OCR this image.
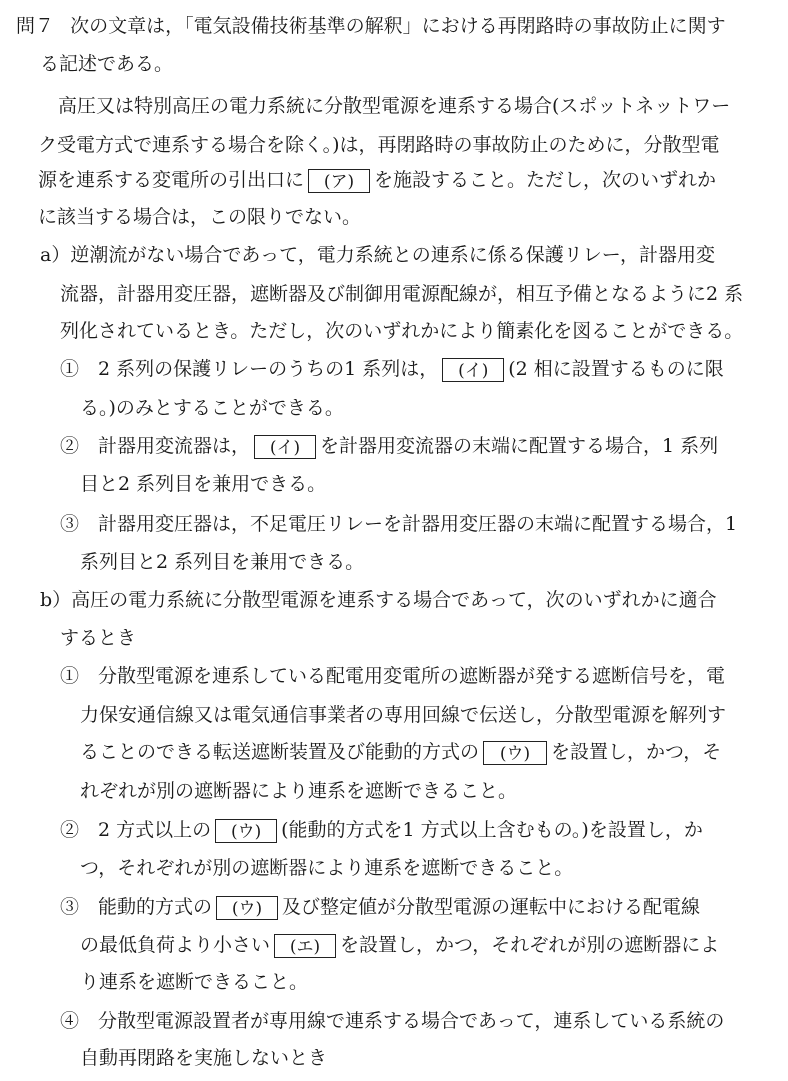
問７ 次の文章は，「電気設備技術基準の解釈」における再閉路時の事故防止に関す
る記述である。
高圧又は特別高圧の電力系統に分散型電源を連系する場合(スポットネットワー
ク受電方式で連系する場合を除く。)は，再閉路時の事故防止のために，分散型電
源を連系する変電所の引出口に (ア) を施設すること。ただし，次のいずれか
に該当する場合は，この限りでない。
a）逆潮流がない場合であって，電力系統との連系に係る保護リレー，計器用変
流器，計器用変圧器，遮断器及び制御用電源配線が，相互予備となるように2 系
列化されているとき。ただし，次のいずれかにより簡素化を図ることができる。
①　2 系列の保護リレーのうちの1 系列は， (イ) (2 相に設置するものに限
る。)のみとすることができる。
②　計器用変流器は， (イ) を計器用変流器の末端に配置する場合，1 系列
目と2 系列目を兼用できる。
③　計器用変圧器は，不足電圧リレーを計器用変圧器の末端に配置する場合，1
系列目と2 系列目を兼用できる。
b）高圧の電力系統に分散型電源を連系する場合であって，次のいずれかに適合
するとき
①　分散型電源を連系している配電用変電所の遮断器が発する遮断信号を，電
力保安通信線又は電気通信事業者の専用回線で伝送し，分散型電源を解列す
ることのできる転送遮断装置及び能動的方式の (ウ) を設置し，かつ，そ
れぞれが別の遮断器により連系を遮断できること。
②　2 方式以上の (ウ) (能動的方式を1 方式以上含むもの。)を設置し，か
つ，それぞれが別の遮断器により連系を遮断できること。
③　能動的方式の (ウ) 及び整定値が分散型電源の運転中における配電線
の最低負荷より小さい (エ) を設置し，かつ，それぞれが別の遮断器によ
り連系を遮断できること。
④　分散型電源設置者が専用線で連系する場合であって，連系している系統の
自動再閉路を実施しないとき
